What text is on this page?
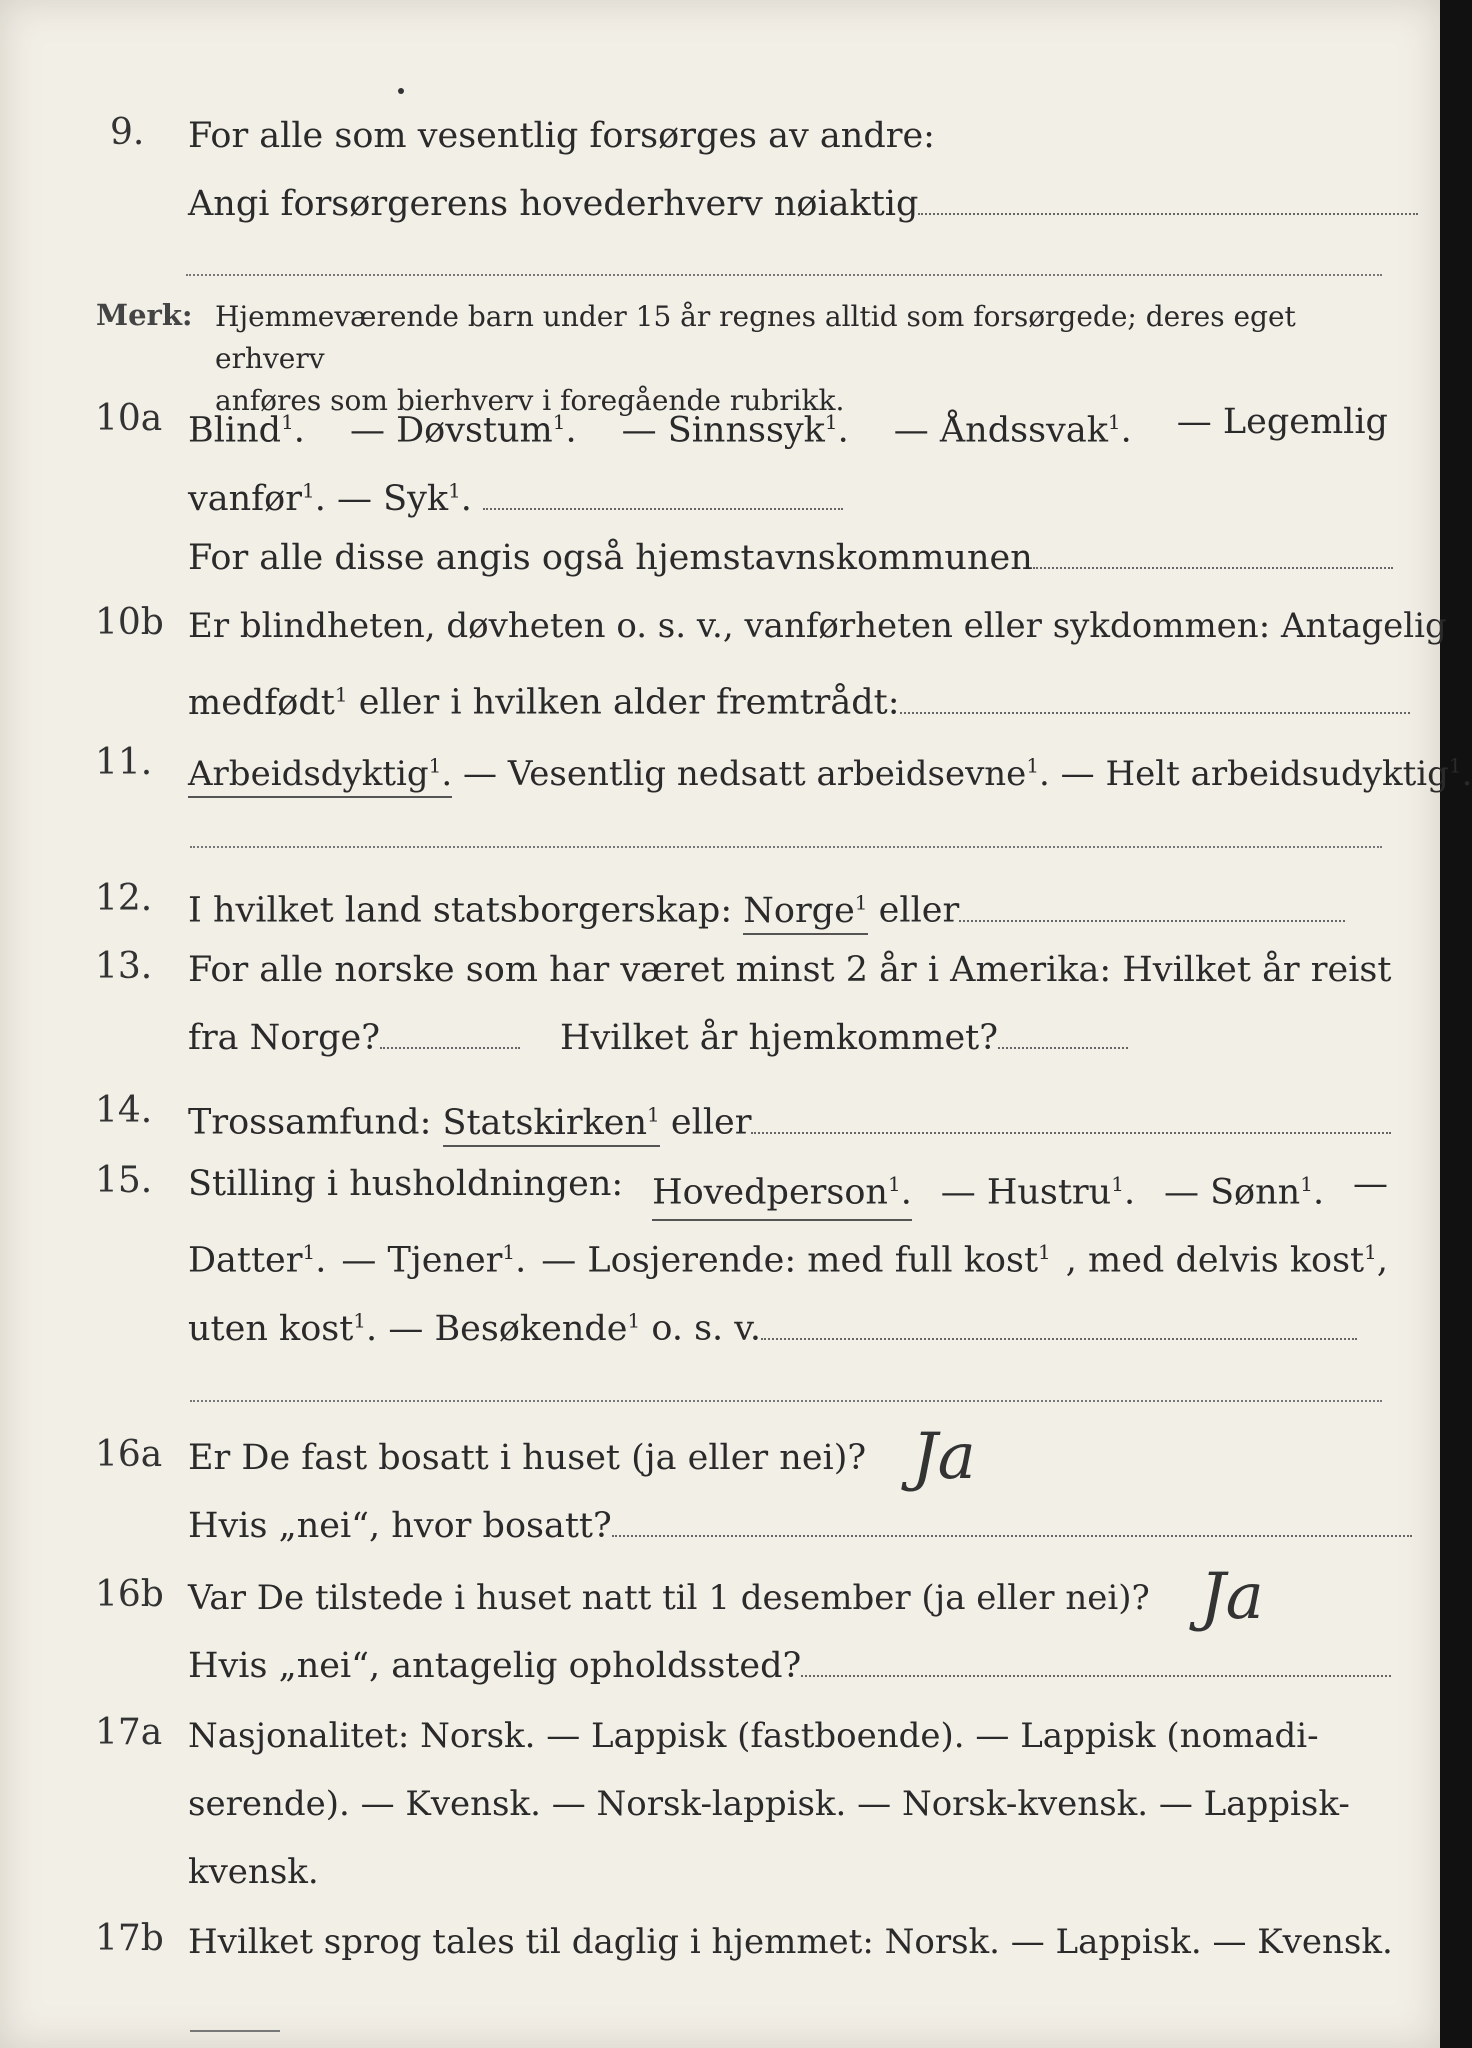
9. For alle som vesentlig forsørges av andre:
Angi forsørgerens hovederhverv nøiaktig
Merk: Hjemmeværende barn under 15 år regnes alltid som forsørgede; deres eget erhverv
anføres som bierhverv i foregående rubrikk.
10a Blind$^1$. — Døvstum$^1$. — Sinnssyk$^1$. — Åndssvak$^1$. — Legemlig
vanfør$^1$. — Syk$^1$.
For alle disse angis også hjemstavnskommunen
10b Er blindheten, døvheten o. s. v., vanførheten eller sykdommen: Antagelig
medfødt$^1$ eller i hvilken alder fremtrådt:
11. Arbeidsdyktig$^1$. — Vesentlig nedsatt arbeidsevne$^1$. — Helt arbeidsudyktig$^1$.
12. I hvilket land statsborgerskap: Norge$^1$ eller
13. For alle norske som har været minst 2 år i Amerika: Hvilket år reist
fra Norge?	Hvilket år hjemkommet?
14. Trossamfund: Statskirken$^1$ eller
15. Stilling i husholdningen: Hovedperson$^1$. — Hustru$^1$. — Sønn$^1$. —
Datter$^1$. — Tjener$^1$. — Losjerende: med full kost$^1$ , med delvis kost$^1$,
uten kost$^1$. — Besøkende$^1$ o. s. v.
16a Er De fast bosatt i huset (ja eller nei)?
Hvis „nei“, hvor bosatt?
Ja
16b Var De tilstede i huset natt til 1 desember (ja eller nei)?
Hvis „nei“, antagelig opholdssted?
Ja
17a Nasjonalitet: Norsk. — Lappisk (fastboende). — Lappisk (nomadi-
serende). — Kvensk. — Norsk-lappisk. — Norsk-kvensk. — Lappisk-
kvensk.
17b Hvilket sprog tales til daglig i hjemmet: Norsk. — Lappisk. — Kvensk.
